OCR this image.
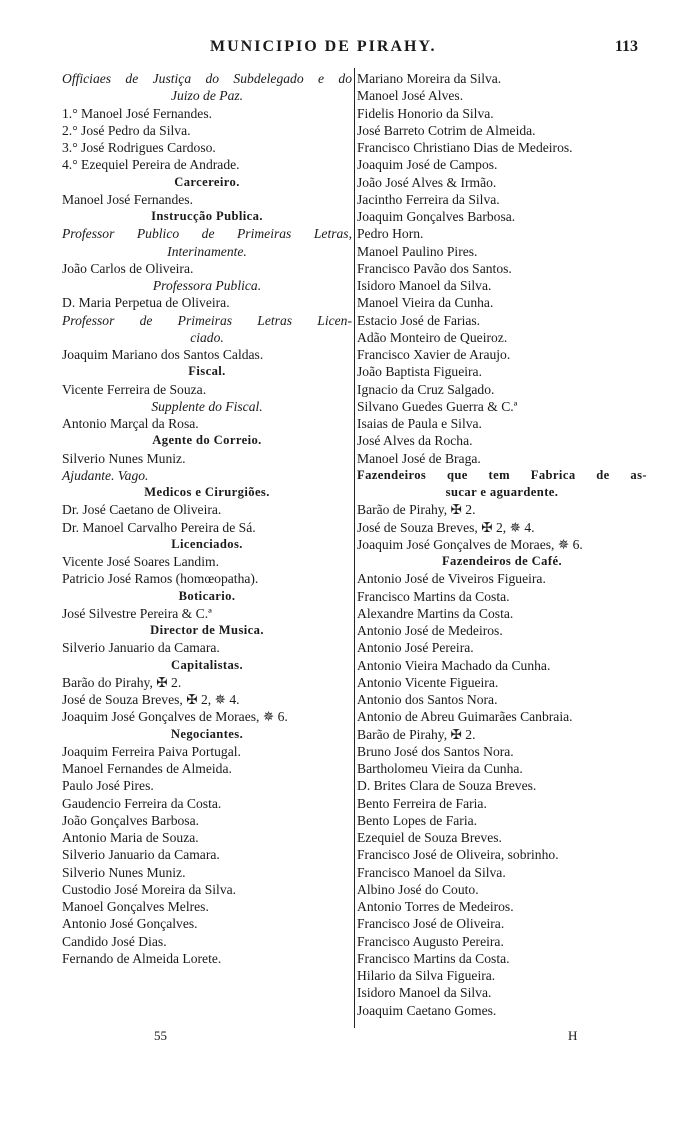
MUNICIPIO DE PIRAHY.	113
Officiaes de Justiça do Subdelegado e do
Juizo de Paz.
1.° Manoel José Fernandes.
2.° José Pedro da Silva.
3.° José Rodrigues Cardoso.
4.° Ezequiel Pereira de Andrade.
Carcereiro.
Manoel José Fernandes.
Instrucção Publica.
Professor Publico de Primeiras Letras,
Interinamente.
João Carlos de Oliveira.
Professora Publica.
D. Maria Perpetua de Oliveira.
Professor de Primeiras Letras Licen-
ciado.
Joaquim Mariano dos Santos Caldas.
Fiscal.
Vicente Ferreira de Souza.
Supplente do Fiscal.
Antonio Marçal da Rosa.
Agente do Correio.
Silverio Nunes Muniz.
Ajudante. Vago.
Medicos e Cirurgiões.
Dr. José Caetano de Oliveira.
Dr. Manoel Carvalho Pereira de Sá.
Licenciados.
Vicente José Soares Landim.
Patricio José Ramos (homœopatha).
Boticario.
José Silvestre Pereira & C.ª
Director de Musica.
Silverio Januario da Camara.
Capitalistas.
Barão do Pirahy, ✠ 2.
José de Souza Breves, ✠ 2, ✵ 4.
Joaquim José Gonçalves de Moraes, ✵ 6.
Negociantes.
Joaquim Ferreira Paiva Portugal.
Manoel Fernandes de Almeida.
Paulo José Pires.
Gaudencio Ferreira da Costa.
João Gonçalves Barbosa.
Antonio Maria de Souza.
Silverio Januario da Camara.
Silverio Nunes Muniz.
Custodio José Moreira da Silva.
Manoel Gonçalves Melres.
Antonio José Gonçalves.
Candido José Dias.
Fernando de Almeida Lorete.
Mariano Moreira da Silva.
Manoel José Alves.
Fidelis Honorio da Silva.
José Barreto Cotrim de Almeida.
Francisco Christiano Dias de Medeiros.
Joaquim José de Campos.
João José Alves & Irmão.
Jacintho Ferreira da Silva.
Joaquim Gonçalves Barbosa.
Pedro Horn.
Manoel Paulino Pires.
Francisco Pavão dos Santos.
Isidoro Manoel da Silva.
Manoel Vieira da Cunha.
Estacio José de Farias.
Adão Monteiro de Queiroz.
Francisco Xavier de Araujo.
João Baptista Figueira.
Ignacio da Cruz Salgado.
Silvano Guedes Guerra & C.ª
Isaias de Paula e Silva.
José Alves da Rocha.
Manoel José de Braga.
Fazendeiros que tem Fabrica de as-
sucar e aguardente.
Barão de Pirahy, ✠ 2.
José de Souza Breves, ✠ 2, ✵ 4.
Joaquim José Gonçalves de Moraes, ✵ 6.
Fazendeiros de Café.
Antonio José de Viveiros Figueira.
Francisco Martins da Costa.
Alexandre Martins da Costa.
Antonio José de Medeiros.
Antonio José Pereira.
Antonio Vieira Machado da Cunha.
Antonio Vicente Figueira.
Antonio dos Santos Nora.
Antonio de Abreu Guimarães Canbraia.
Barão de Pirahy, ✠ 2.
Bruno José dos Santos Nora.
Bartholomeu Vieira da Cunha.
D. Brites Clara de Souza Breves.
Bento Ferreira de Faria.
Bento Lopes de Faria.
Ezequiel de Souza Breves.
Francisco José de Oliveira, sobrinho.
Francisco Manoel da Silva.
Albino José do Couto.
Antonio Torres de Medeiros.
Francisco José de Oliveira.
Francisco Augusto Pereira.
Francisco Martins da Costa.
Hilario da Silva Figueira.
Isidoro Manoel da Silva.
Joaquim Caetano Gomes.
55	H
